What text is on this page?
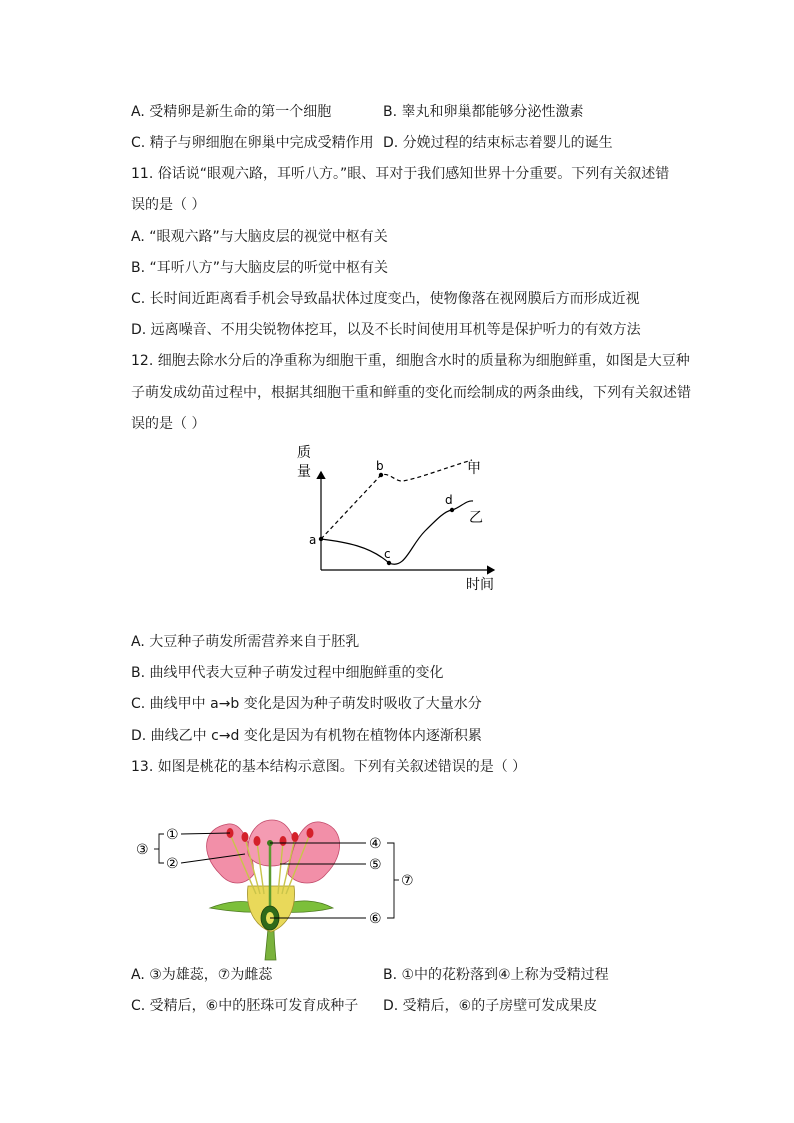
A. 受精卵是新生命的第一个细胞	B. 睾丸和卵巢都能够分泌性激素
C. 精子与卵细胞在卵巢中完成受精作用 D. 分娩过程的结束标志着婴儿的诞生
11. 俗话说“眼观六路，耳听八方。”眼、耳对于我们感知世界十分重要。下列有关叙述错
误的是（ ）
A. “眼观六路”与大脑皮层的视觉中枢有关
B. “耳听八方”与大脑皮层的听觉中枢有关
C. 长时间近距离看手机会导致晶状体过度变凸，使物像落在视网膜后方而形成近视
D. 远离噪音、不用尖锐物体挖耳，以及不长时间使用耳机等是保护听力的有效方法
12. 细胞去除水分后的净重称为细胞干重，细胞含水时的质量称为细胞鲜重，如图是大豆种
子萌发成幼苗过程中，根据其细胞干重和鲜重的变化而绘制成的两条曲线，下列有关叙述错
误的是（ ）
质
量
时间
a
b
c
d
甲
乙
A. 大豆种子萌发所需营养来自于胚乳
B. 曲线甲代表大豆种子萌发过程中细胞鲜重的变化
C. 曲线甲中 a→b 变化是因为种子萌发时吸收了大量水分
D. 曲线乙中 c→d 变化是因为有机物在植物体内逐渐积累
13. 如图是桃花的基本结构示意图。下列有关叙述错误的是（ ）
①
②
③	④
⑤
⑥
⑦
A. ③为雄蕊，⑦为雌蕊	B. ①中的花粉落到④上称为受精过程
C. 受精后，⑥中的胚珠可发育成种子 D. 受精后，⑥的子房壁可发成果皮
